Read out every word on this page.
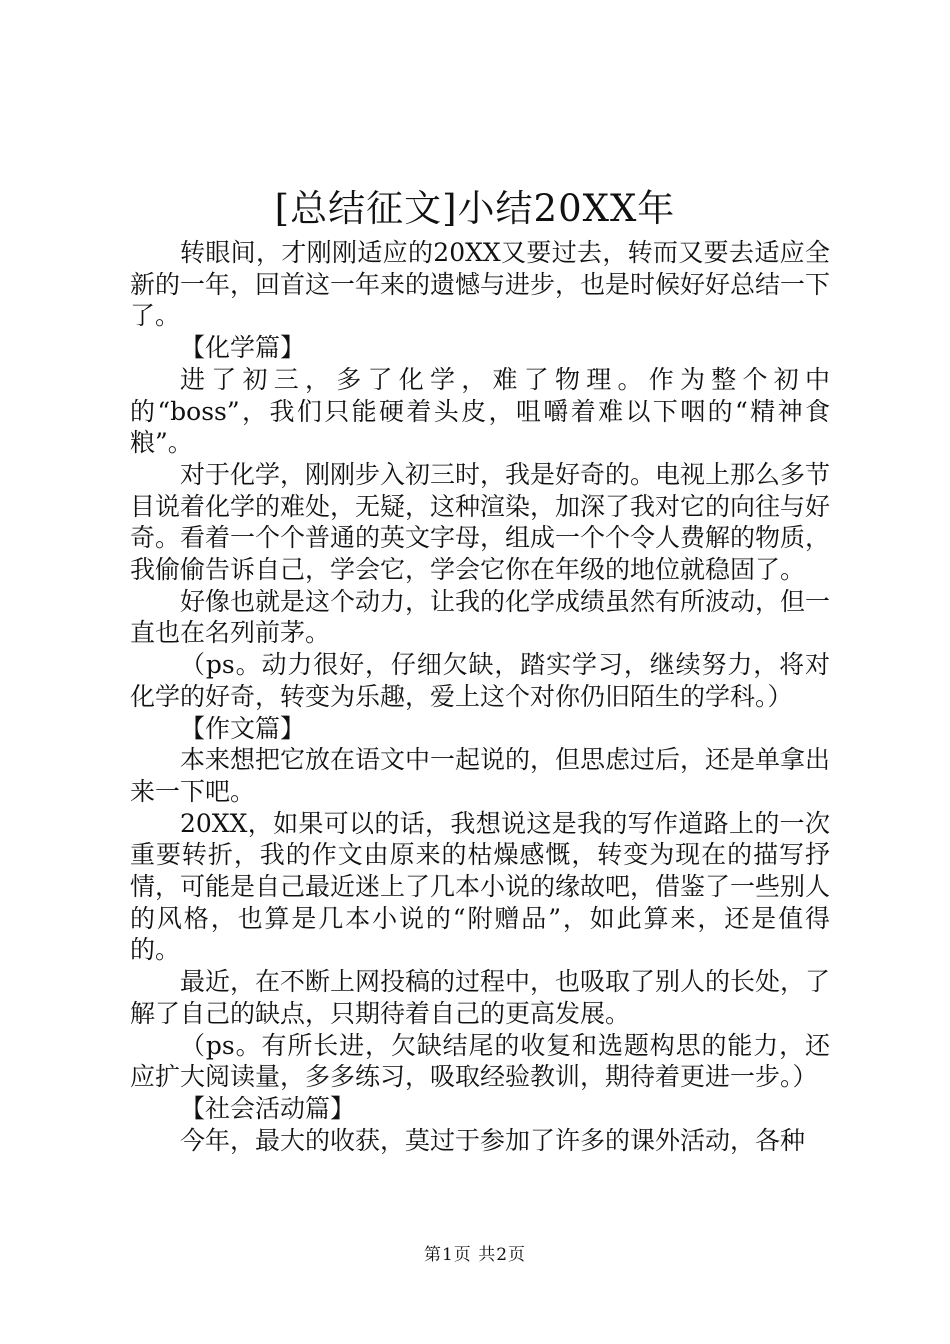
[总结征文]小结20XX年

转眼间，才刚刚适应的20XX又要过去，转而又要去适应全新的一年，回首这一年来的遗憾与进步，也是时候好好总结一下了。

【化学篇】

进了初三，多了化学，难了物理。作为整个初中的“boss”，我们只能硬着头皮，咀嚼着难以下咽的“精神食粮”。

对于化学，刚刚步入初三时，我是好奇的。电视上那么多节目说着化学的难处，无疑，这种渲染，加深了我对它的向往与好奇。看着一个个普通的英文字母，组成一个个令人费解的物质，我偷偷告诉自己，学会它，学会它你在年级的地位就稳固了。

好像也就是这个动力，让我的化学成绩虽然有所波动，但一直也在名列前茅。

（ps。动力很好，仔细欠缺，踏实学习，继续努力，将对化学的好奇，转变为乐趣，爱上这个对你仍旧陌生的学科。）

【作文篇】

本来想把它放在语文中一起说的，但思虑过后，还是单拿出来一下吧。

20XX，如果可以的话，我想说这是我的写作道路上的一次重要转折，我的作文由原来的枯燥感慨，转变为现在的描写抒情，可能是自己最近迷上了几本小说的缘故吧，借鉴了一些别人的风格，也算是几本小说的“附赠品”，如此算来，还是值得的。

最近，在不断上网投稿的过程中，也吸取了别人的长处，了解了自己的缺点，只期待着自己的更高发展。

（ps。有所长进，欠缺结尾的收复和选题构思的能力，还应扩大阅读量，多多练习，吸取经验教训，期待着更进一步。）

【社会活动篇】

今年，最大的收获，莫过于参加了许多的课外活动，各种

第1页 共2页
